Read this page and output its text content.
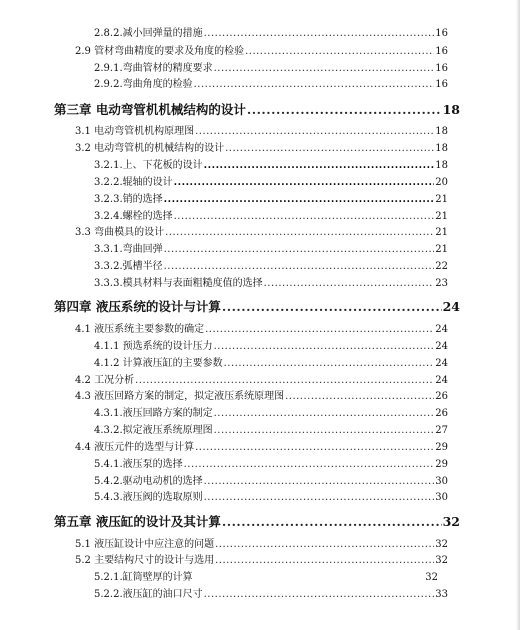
2.8.2.减小回弹量的措施 .....	16
2.9 管材弯曲精度的要求及角度的检验 .....	16
2.9.1.弯曲管材的精度要求 .....	16
2.9.2.弯曲角度的检验 .....	16
第三章 电动弯管机机械结构的设计 .....	18
3.1 电动弯管机机构原理图 .....	18
3.2 电动弯管机的机械结构的设计 .....	18
3.2.1.上、下花板的设计 .....	18
3.2.2.辊轴的设计 .....	20
3.2.3.销的选择 .....	21
3.2.4.螺栓的选择 .....	21
3.3 弯曲模具的设计 .....	21
3.3.1.弯曲回弹 .....	21
3.3.2.弧槽半径 .....	22
3.3.3.模具材料与表面粗糙度值的选择 .....	23
第四章 液压系统的设计与计算 .....	24
4.1 液压系统主要参数的确定 .....	24
4.1.1 预选系统的设计压力 .....	24
4.1.2 计算液压缸的主要参数 .....	24
4.2 工况分析 .....	24
4.3 液压回路方案的制定，拟定液压系统原理图 .....	26
4.3.1.液压回路方案的制定 .....	26
4.3.2.拟定液压系统原理图 .....	27
4.4 液压元件的选型与计算 .....	29
5.4.1.液压泵的选择 .....	29
5.4.2.驱动电动机的选择 .....	30
5.4.3.液压阀的选取原则 .....	30
第五章 液压缸的设计及其计算 .....	32
5.1 液压缸设计中应注意的问题 .....	32
5.2 主要结构尺寸的设计与选用 .....	32
5.2.1.缸筒壁厚的计算	32
5.2.2.液压缸的油口尺寸 .....	33
